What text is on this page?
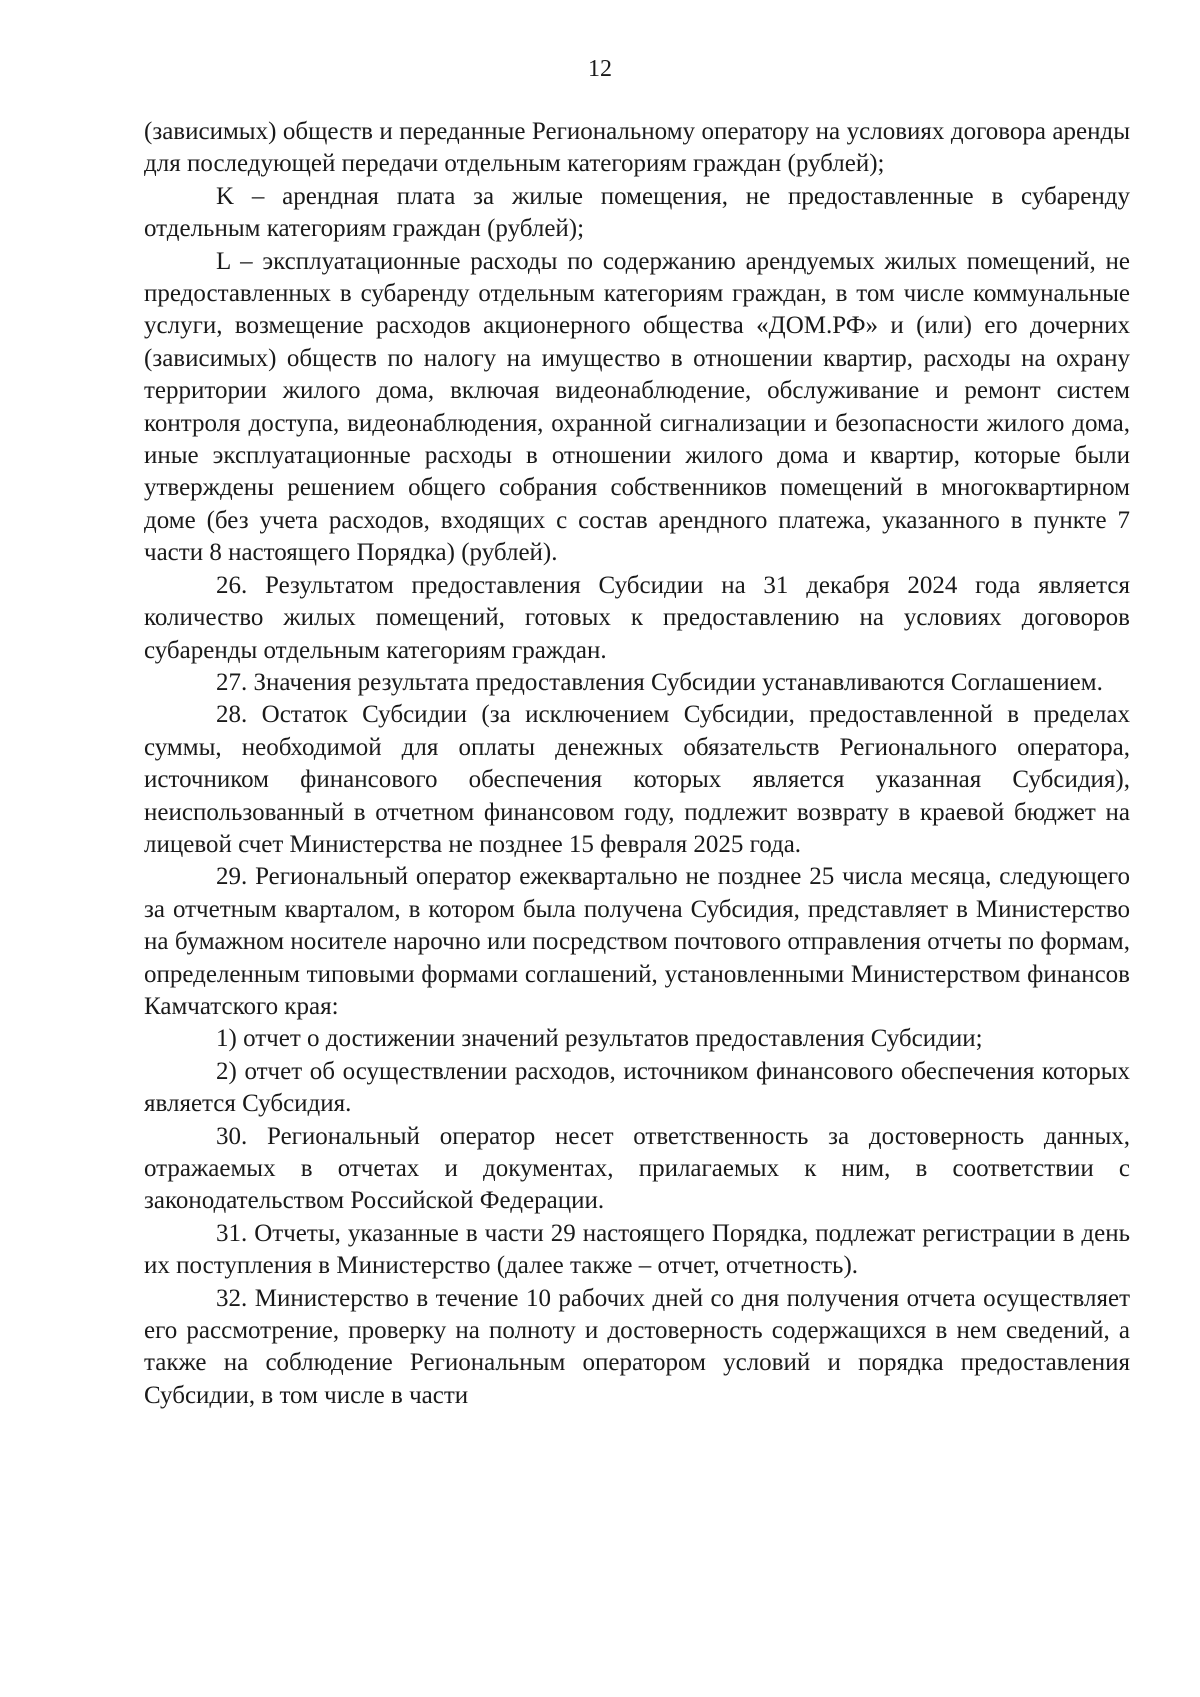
12

(зависимых) обществ и переданные Региональному оператору на условиях договора аренды для последующей передачи отдельным категориям граждан (рублей);

K – арендная плата за жилые помещения, не предоставленные в субаренду отдельным категориям граждан (рублей);

L – эксплуатационные расходы по содержанию арендуемых жилых помещений, не предоставленных в субаренду отдельным категориям граждан, в том числе коммунальные услуги, возмещение расходов акционерного общества «ДОМ.РФ» и (или) его дочерних (зависимых) обществ по налогу на имущество в отношении квартир, расходы на охрану территории жилого дома, включая видеонаблюдение, обслуживание и ремонт систем контроля доступа, видеонаблюдения, охранной сигнализации и безопасности жилого дома, иные эксплуатационные расходы в отношении жилого дома и квартир, которые были утверждены решением общего собрания собственников помещений в многоквартирном доме (без учета расходов, входящих с состав арендного платежа, указанного в пункте 7 части 8 настоящего Порядка) (рублей).

26. Результатом предоставления Субсидии на 31 декабря 2024 года является количество жилых помещений, готовых к предоставлению на условиях договоров субаренды отдельным категориям граждан.

27. Значения результата предоставления Субсидии устанавливаются Соглашением.

28. Остаток Субсидии (за исключением Субсидии, предоставленной в пределах суммы, необходимой для оплаты денежных обязательств Регионального оператора, источником финансового обеспечения которых является указанная Субсидия), неиспользованный в отчетном финансовом году, подлежит возврату в краевой бюджет на лицевой счет Министерства не позднее 15 февраля 2025 года.

29. Региональный оператор ежеквартально не позднее 25 числа месяца, следующего за отчетным кварталом, в котором была получена Субсидия, представляет в Министерство на бумажном носителе нарочно или посредством почтового отправления отчеты по формам, определенным типовыми формами соглашений, установленными Министерством финансов Камчатского края:

1) отчет о достижении значений результатов предоставления Субсидии;

2) отчет об осуществлении расходов, источником финансового обеспечения которых является Субсидия.

30. Региональный оператор несет ответственность за достоверность данных, отражаемых в отчетах и документах, прилагаемых к ним, в соответствии с законодательством Российской Федерации.

31. Отчеты, указанные в части 29 настоящего Порядка, подлежат регистрации в день их поступления в Министерство (далее также – отчет, отчетность).

32. Министерство в течение 10 рабочих дней со дня получения отчета осуществляет его рассмотрение, проверку на полноту и достоверность содержащихся в нем сведений, а также на соблюдение Региональным оператором условий и порядка предоставления Субсидии, в том числе в части
